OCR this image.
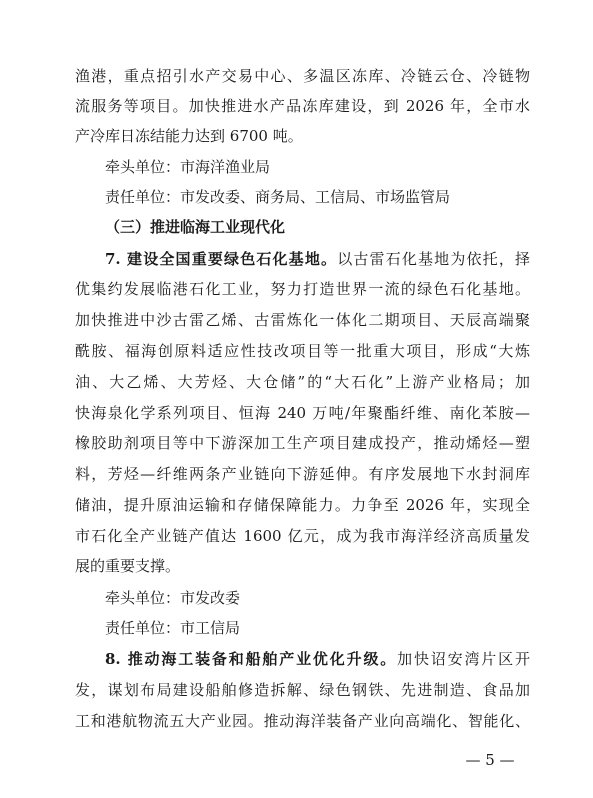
渔港，重点招引水产交易中心、多温区冻库、冷链云仓、冷链物
流服务等项目。加快推进水产品冻库建设，到 2026 年，全市水
产冷库日冻结能力达到 6700 吨。
牵头单位：市海洋渔业局
责任单位：市发改委、商务局、工信局、市场监管局
（三）推进临海工业现代化
7. 建设全国重要绿色石化基地。以古雷石化基地为依托，择
优集约发展临港石化工业，努力打造世界一流的绿色石化基地。
加快推进中沙古雷乙烯、古雷炼化一体化二期项目、天辰高端聚
酰胺、福海创原料适应性技改项目等一批重大项目，形成“大炼
油、大乙烯、大芳烃、大仓储”的“大石化”上游产业格局；加
快海泉化学系列项目、恒海 240 万吨/年聚酯纤维、南化苯胺—
橡胶助剂项目等中下游深加工生产项目建成投产，推动烯烃—塑
料，芳烃—纤维两条产业链向下游延伸。有序发展地下水封洞库
储油，提升原油运输和存储保障能力。力争至 2026 年，实现全
市石化全产业链产值达 1600 亿元，成为我市海洋经济高质量发
展的重要支撑。
牵头单位：市发改委
责任单位：市工信局
8. 推动海工装备和船舶产业优化升级。加快诏安湾片区开
发，谋划布局建设船舶修造拆解、绿色钢铁、先进制造、食品加
工和港航物流五大产业园。推动海洋装备产业向高端化、智能化、
— 5 —
